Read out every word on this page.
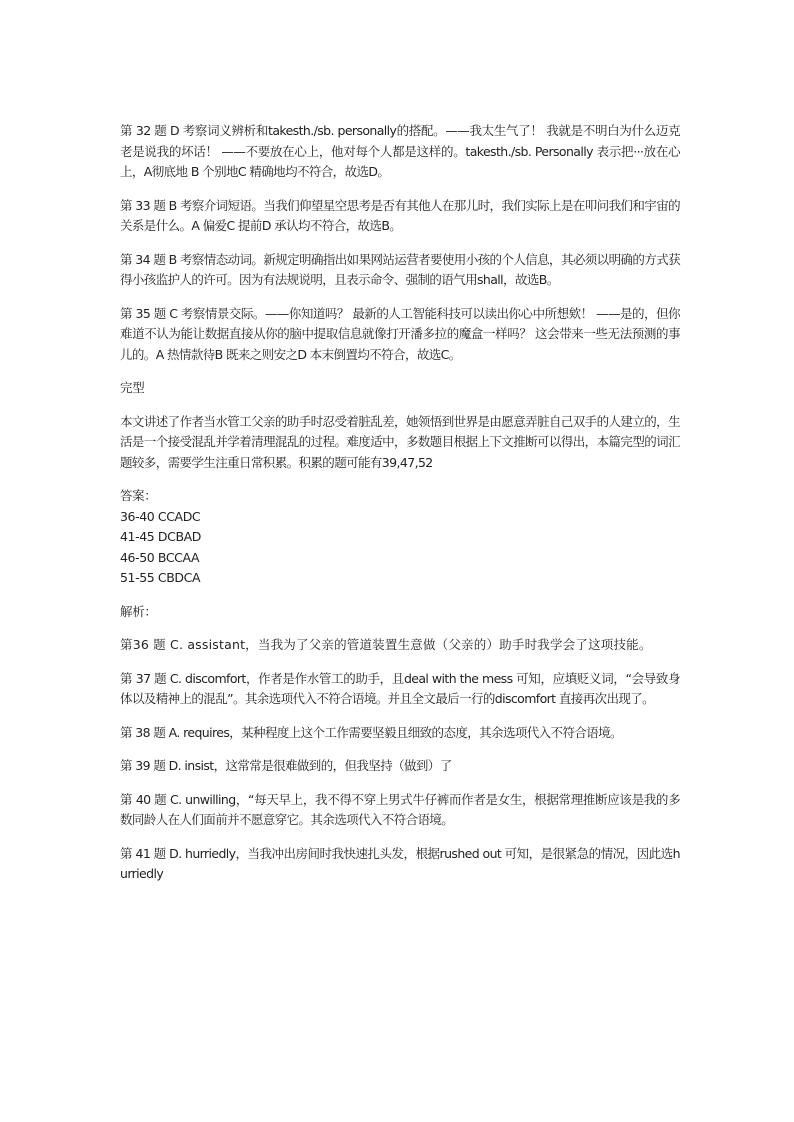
第 32 题 D 考察词义辨析和takesth./sb. personally的搭配。——我太生气了！ 我就是不明白为什么迈克老是说我的坏话！ ——不要放在心上，他对每个人都是这样的。takesth./sb. Personally 表示把···放在心上，A彻底地 B 个别地C 精确地均不符合，故选D。

第 33 题 B 考察介词短语。当我们仰望星空思考是否有其他人在那儿时，我们实际上是在叩问我们和宇宙的关系是什么。A 偏爱C 提前D 承认均不符合，故选B。

第 34 题 B 考察情态动词。新规定明确指出如果网站运营者要使用小孩的个人信息，其必须以明确的方式获得小孩监护人的许可。因为有法规说明，且表示命令、强制的语气用shall，故选B。

第 35 题 C 考察情景交际。——你知道吗？ 最新的人工智能科技可以读出你心中所想欸！ ——是的，但你难道不认为能让数据直接从你的脑中提取信息就像打开潘多拉的魔盒一样吗？ 这会带来一些无法预测的事儿的。A 热情款待B 既来之则安之D 本末倒置均不符合，故选C。

完型

本文讲述了作者当水管工父亲的助手时忍受着脏乱差，她领悟到世界是由愿意弄脏自己双手的人建立的，生活是一个接受混乱并学着清理混乱的过程。难度适中，多数题目根据上下文推断可以得出，本篇完型的词汇题较多，需要学生注重日常积累。积累的题可能有39,47,52

答案：
36-40 CCADC
41-45 DCBAD
46-50 BCCAA
51-55 CBDCA
解析：

第36 题 C. assistant，当我为了父亲的管道装置生意做（父亲的）助手时我学会了这项技能。

第 37 题 C. discomfort，作者是作水管工的助手，且deal with the mess 可知，应填贬义词，“会导致身体以及精神上的混乱”。其余选项代入不符合语境。并且全文最后一行的discomfort 直接再次出现了。

第 38 题 A. requires，某种程度上这个工作需要坚毅且细致的态度，其余选项代入不符合语境。

第 39 题 D. insist，这常常是很难做到的，但我坚持（做到）了

第 40 题 C. unwilling，“每天早上，我不得不穿上男式牛仔裤而作者是女生，根据常理推断应该是我的多数同龄人在人们面前并不愿意穿它。其余选项代入不符合语境。

第 41 题 D. hurriedly，当我冲出房间时我快速扎头发，根据rushed out 可知，是很紧急的情况，因此选hurriedly
